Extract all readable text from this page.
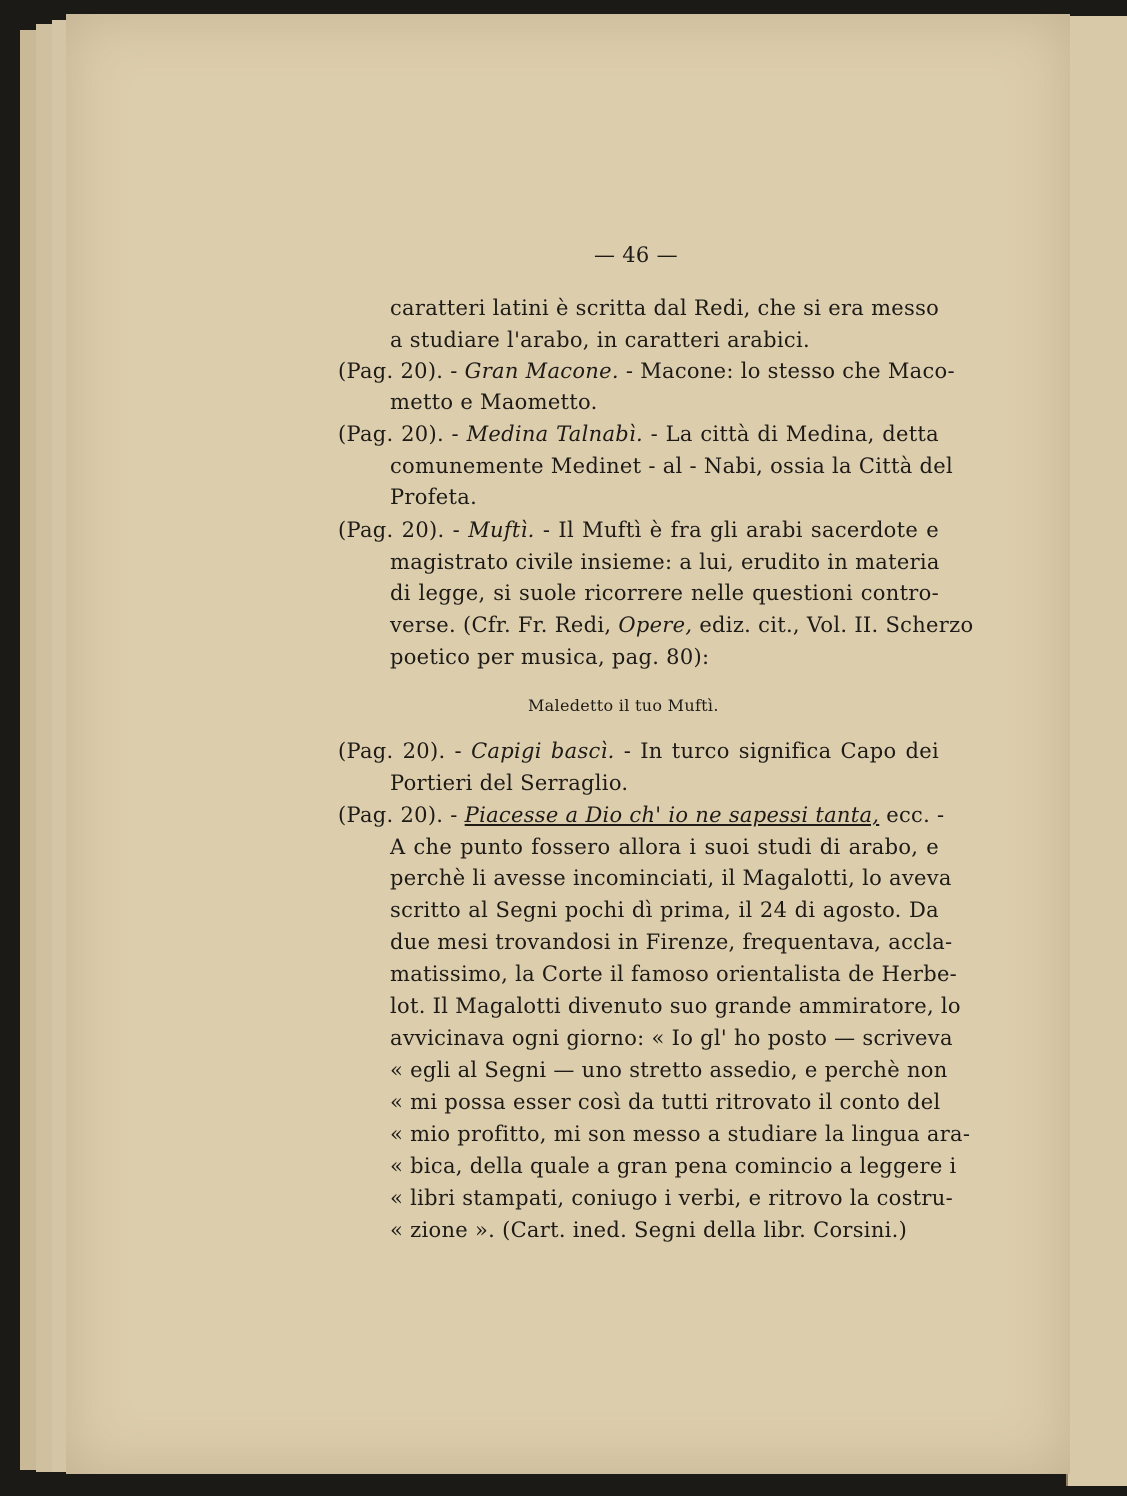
— 46 —
caratteri latini è scritta dal Redi, che si era messo
a studiare l'arabo, in caratteri arabici.
(Pag. 20). - Gran Macone. - Macone: lo stesso che Maco-
metto e Maometto.
(Pag. 20). - Medina Talnabì. - La città di Medina, detta
comunemente Medinet - al - Nabi, ossia la Città del
Profeta.
(Pag. 20). - Muftì. - Il Muftì è fra gli arabi sacerdote e
magistrato civile insieme: a lui, erudito in materia
di legge, si suole ricorrere nelle questioni contro-
verse. (Cfr. Fr. Redi, Opere, ediz. cit., Vol. II. Scherzo
poetico per musica, pag. 80):
Maledetto il tuo Muftì.
(Pag. 20). - Capigi bascì. - In turco significa Capo dei
Portieri del Serraglio.
(Pag. 20). - Piacesse a Dio ch' io ne sapessi tanta, ecc. -
A che punto fossero allora i suoi studi di arabo, e
perchè li avesse incominciati, il Magalotti, lo aveva
scritto al Segni pochi dì prima, il 24 di agosto. Da
due mesi trovandosi in Firenze, frequentava, accla-
matissimo, la Corte il famoso orientalista de Herbe-
lot. Il Magalotti divenuto suo grande ammiratore, lo
avvicinava ogni giorno: « Io gl' ho posto — scriveva
« egli al Segni — uno stretto assedio, e perchè non
« mi possa esser così da tutti ritrovato il conto del
« mio profitto, mi son messo a studiare la lingua ara-
« bica, della quale a gran pena comincio a leggere i
« libri stampati, coniugo i verbi, e ritrovo la costru-
« zione ». (Cart. ined. Segni della libr. Corsini.)
